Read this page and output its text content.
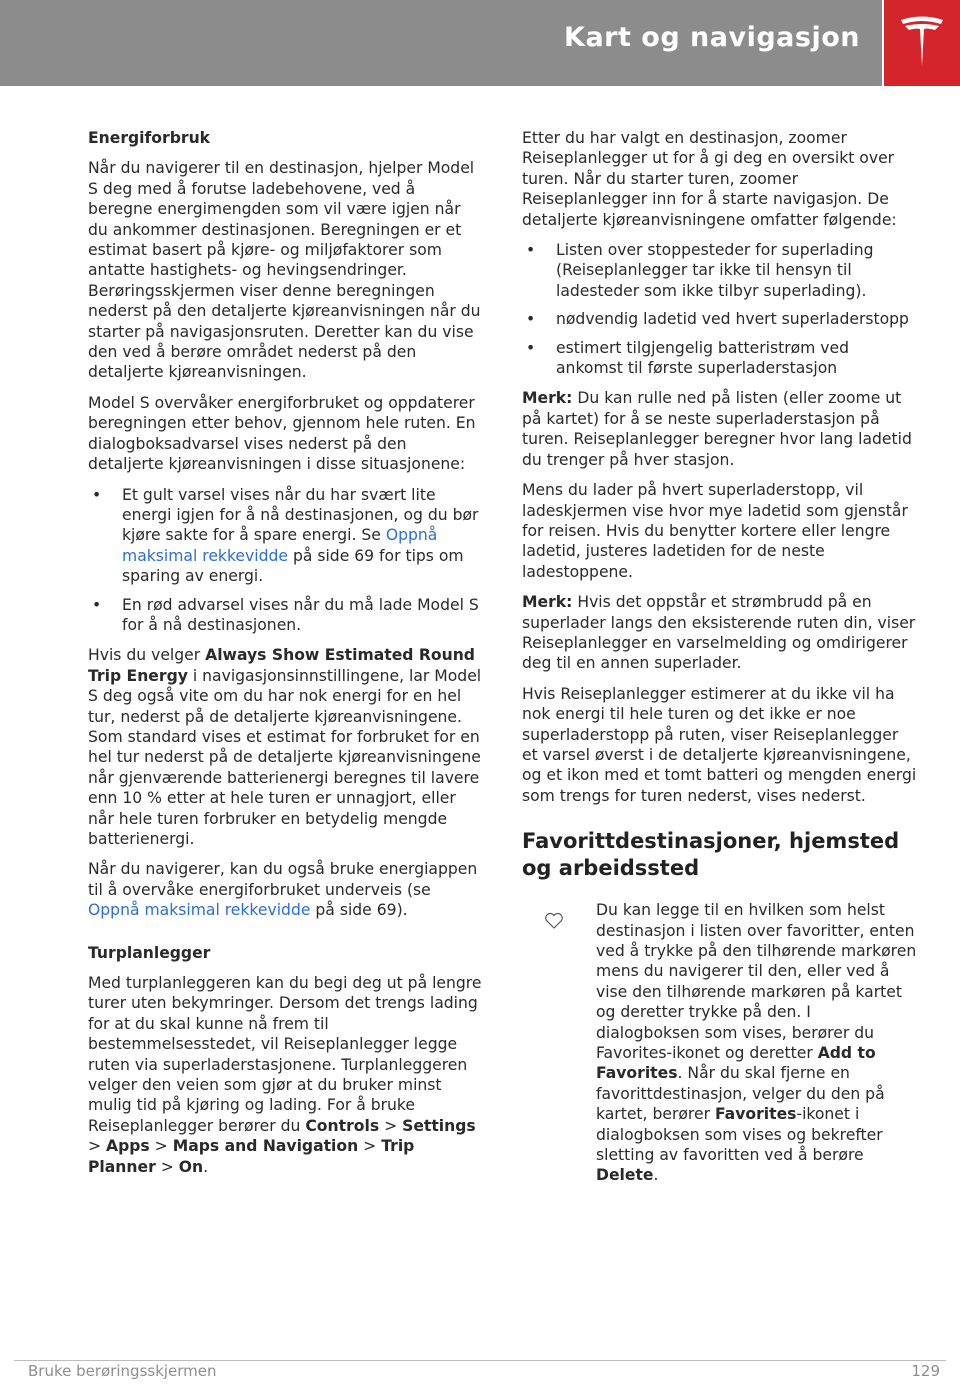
Kart og navigasjon
Energiforbruk

Når du navigerer til en destinasjon, hjelper Model S deg med å forutse ladebehovene, ved å beregne energimengden som vil være igjen når du ankommer destinasjonen. Beregningen er et estimat basert på kjøre- og miljøfaktorer som antatte hastighets- og hevingsendringer. Berøringsskjermen viser denne beregningen nederst på den detaljerte kjøreanvisningen når du starter på navigasjonsruten. Deretter kan du vise den ved å berøre området nederst på den detaljerte kjøreanvisningen.

Model S overvåker energiforbruket og oppdaterer beregningen etter behov, gjennom hele ruten. En dialogboksadvarsel vises nederst på den detaljerte kjøreanvisningen i disse situasjonene:

• Et gult varsel vises når du har svært lite energi igjen for å nå destinasjonen, og du bør kjøre sakte for å spare energi. Se Oppnå maksimal rekkevidde på side 69 for tips om sparing av energi.
• En rød advarsel vises når du må lade Model S for å nå destinasjonen.

Hvis du velger Always Show Estimated Round Trip Energy i navigasjonsinnstillingene, lar Model S deg også vite om du har nok energi for en hel tur, nederst på de detaljerte kjøreanvisningene. Som standard vises et estimat for forbruket for en hel tur nederst på de detaljerte kjøreanvisningene når gjenværende batterienergi beregnes til lavere enn 10 % etter at hele turen er unnagjort, eller når hele turen forbruker en betydelig mengde batterienergi.

Når du navigerer, kan du også bruke energiappen til å overvåke energiforbruket underveis (se Oppnå maksimal rekkevidde på side 69).

Turplanlegger

Med turplanleggeren kan du begi deg ut på lengre turer uten bekymringer. Dersom det trengs lading for at du skal kunne nå frem til bestemmelsesstedet, vil Reiseplanlegger legge ruten via superladerstasjonene. Turplanleggeren velger den veien som gjør at du bruker minst mulig tid på kjøring og lading. For å bruke Reiseplanlegger berører du Controls > Settings > Apps > Maps and Navigation > Trip Planner > On.

Etter du har valgt en destinasjon, zoomer Reiseplanlegger ut for å gi deg en oversikt over turen. Når du starter turen, zoomer Reiseplanlegger inn for å starte navigasjon. De detaljerte kjøreanvisningene omfatter følgende:

• Listen over stoppesteder for superlading (Reiseplanlegger tar ikke til hensyn til ladesteder som ikke tilbyr superlading).
• nødvendig ladetid ved hvert superladerstopp
• estimert tilgjengelig batteristrøm ved ankomst til første superladerstasjon

Merk: Du kan rulle ned på listen (eller zoome ut på kartet) for å se neste superladerstasjon på turen. Reiseplanlegger beregner hvor lang ladetid du trenger på hver stasjon.

Mens du lader på hvert superladerstopp, vil ladeskjermen vise hvor mye ladetid som gjenstår for reisen. Hvis du benytter kortere eller lengre ladetid, justeres ladetiden for de neste ladestoppene.

Merk: Hvis det oppstår et strømbrudd på en superlader langs den eksisterende ruten din, viser Reiseplanlegger en varselmelding og omdirigerer deg til en annen superlader.

Hvis Reiseplanlegger estimerer at du ikke vil ha nok energi til hele turen og det ikke er noe superladerstopp på ruten, viser Reiseplanlegger et varsel øverst i de detaljerte kjøreanvisningene, og et ikon med et tomt batteri og mengden energi som trengs for turen nederst, vises nederst.

Favorittdestinasjoner, hjemsted og arbeidssted

Du kan legge til en hvilken som helst destinasjon i listen over favoritter, enten ved å trykke på den tilhørende markøren mens du navigerer til den, eller ved å vise den tilhørende markøren på kartet og deretter trykke på den. I dialogboksen som vises, berører du Favorites-ikonet og deretter Add to Favorites. Når du skal fjerne en favorittdestinasjon, velger du den på kartet, berører Favorites-ikonet i dialogboksen som vises og bekrefter sletting av favoritten ved å berøre Delete.

Bruke berøringsskjermen	129
